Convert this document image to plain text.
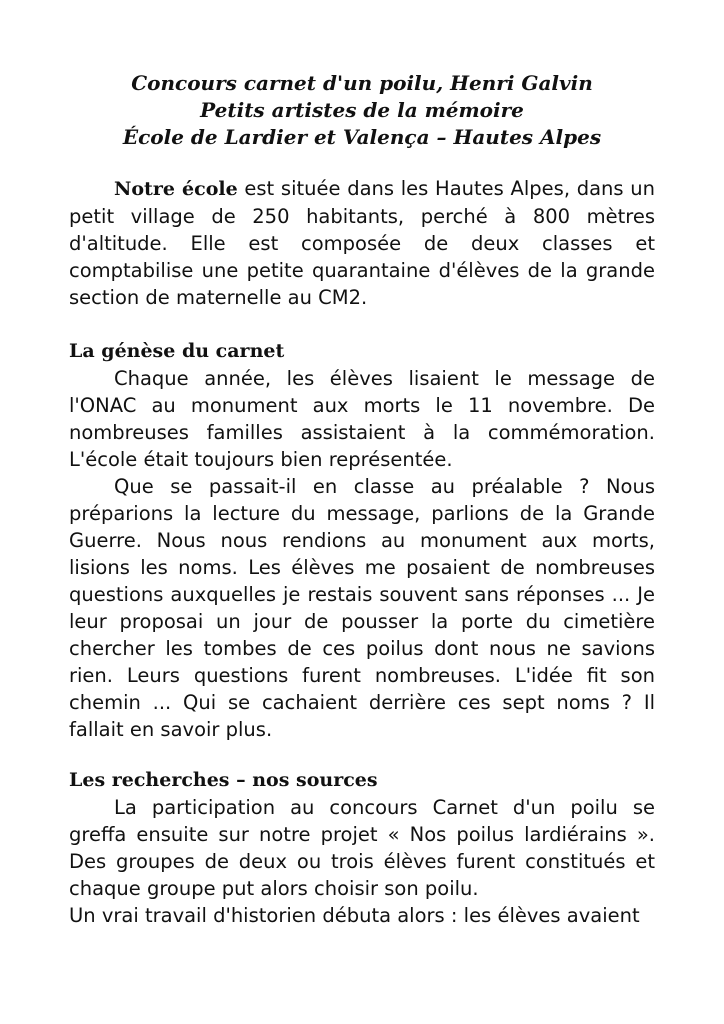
Concours carnet d'un poilu, Henri Galvin
Petits artistes de la mémoire
École de Lardier et Valença – Hautes Alpes

Notre école est située dans les Hautes Alpes, dans un petit village de 250 habitants, perché à 800 mètres d'altitude. Elle est composée de deux classes et comptabilise une petite quarantaine d'élèves de la grande section de maternelle au CM2.

La génèse du carnet

Chaque année, les élèves lisaient le message de l'ONAC au monument aux morts le 11 novembre. De nombreuses familles assistaient à la commémoration. L'école était toujours bien représentée.

Que se passait-il en classe au préalable ? Nous préparions la lecture du message, parlions de la Grande Guerre. Nous nous rendions au monument aux morts, lisions les noms. Les élèves me posaient de nombreuses questions auxquelles je restais souvent sans réponses ... Je leur proposai un jour de pousser la porte du cimetière chercher les tombes de ces poilus dont nous ne savions rien. Leurs questions furent nombreuses. L'idée fit son chemin ... Qui se cachaient derrière ces sept noms ? Il fallait en savoir plus.

Les recherches – nos sources

La participation au concours Carnet d'un poilu se greffa ensuite sur notre projet « Nos poilus lardiérains ». Des groupes de deux ou trois élèves furent constitués et chaque groupe put alors choisir son poilu.

Un vrai travail d'historien débuta alors : les élèves avaient
